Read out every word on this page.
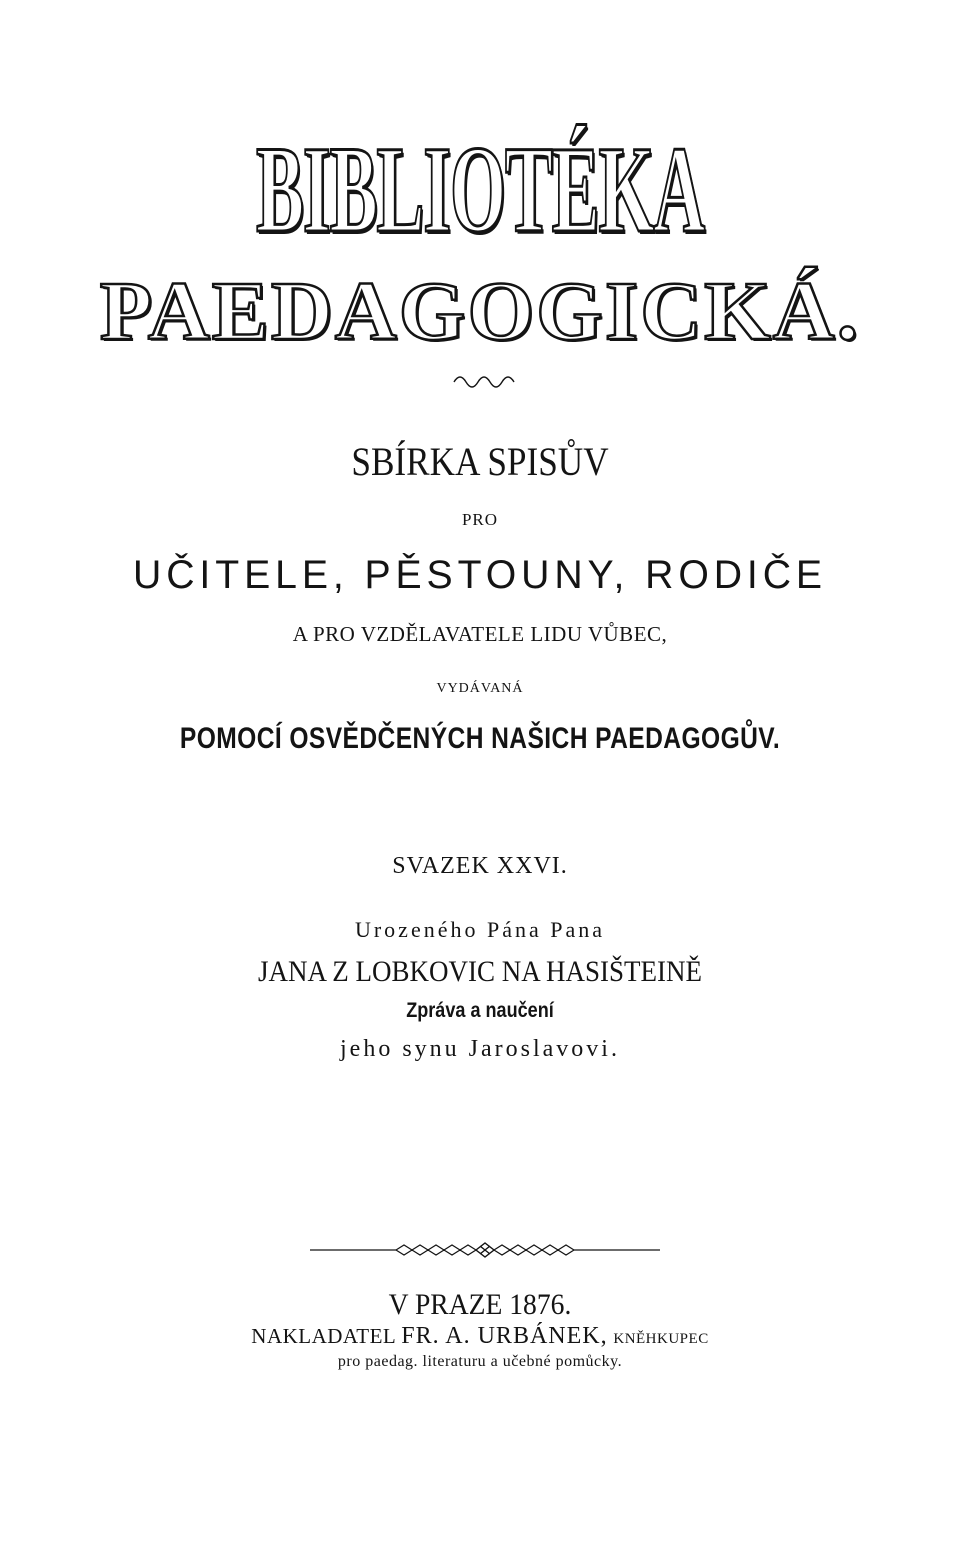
BIBLIOTÉKA
PAEDAGOGICKÁ.
SBÍRKA SPISŮV
PRO
UČITELE, PĚSTOUNY, RODIČE
A PRO VZDĚLAVATELE LIDU VŮBEC,
VYDÁVANÁ
POMOCÍ OSVĚDČENÝCH NAŠICH PAEDAGOGŮV.
SVAZEK XXVI.
Urozeného Pána Pana
JANA Z LOBKOVIC NA HASIŠTEINĚ
Zpráva a naučení
jeho synu Jaroslavovi.
V PRAZE 1876.
NAKLADATEL FR. A. URBÁNEK, KNĚHKUPEC
pro paedag. literaturu a učebné pomůcky.
